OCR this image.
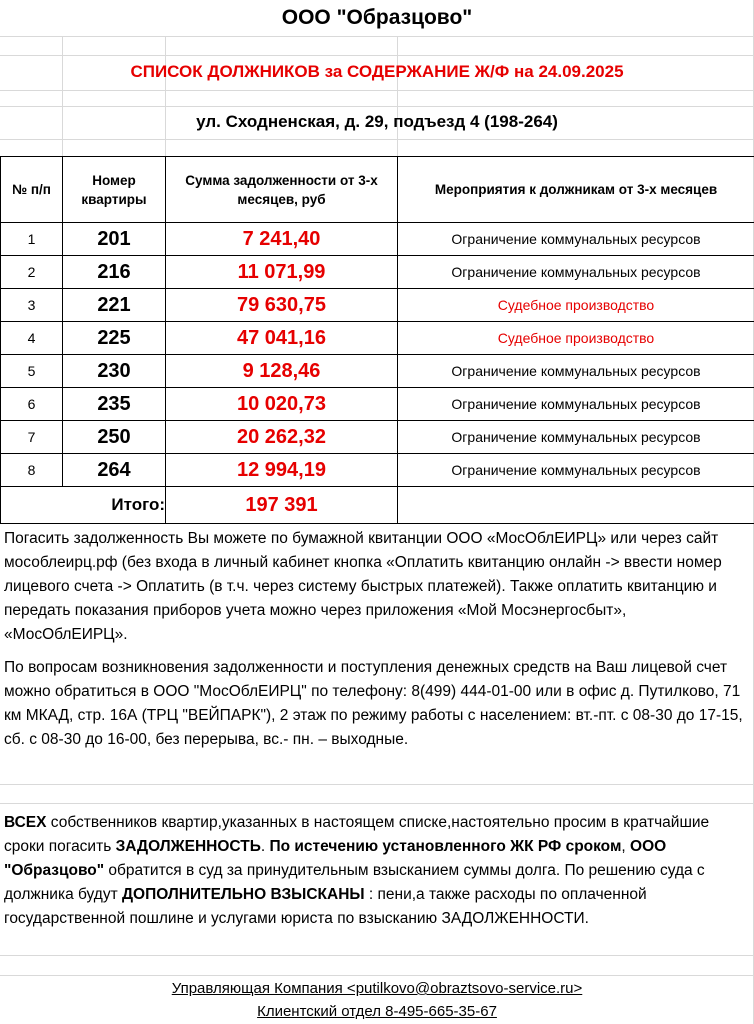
ООО "Образцово"
СПИСОК ДОЛЖНИКОВ за СОДЕРЖАНИЕ Ж/Ф на 24.09.2025
ул. Сходненская, д. 29, подъезд 4 (198-264)
№ п/п	Номер квартиры	Сумма задолженности от 3-х месяцев, руб	Мероприятия к должникам от 3-х месяцев
1	201	7 241,40	Ограничение коммунальных ресурсов
2	216	11 071,99	Ограничение коммунальных ресурсов
3	221	79 630,75	Судебное производство
4	225	47 041,16	Судебное производство
5	230	9 128,46	Ограничение коммунальных ресурсов
6	235	10 020,73	Ограничение коммунальных ресурсов
7	250	20 262,32	Ограничение коммунальных ресурсов
8	264	12 994,19	Ограничение коммунальных ресурсов
Итого:		197 391	

Погасить задолженность Вы можете по бумажной квитанции ООО «МосОблЕИРЦ» или через сайт мособлеирц.рф (без входа в личный кабинет кнопка «Оплатить квитанцию онлайн -> ввести номер лицевого счета -> Оплатить (в т.ч. через систему быстрых платежей). Также оплатить квитанцию и передать показания приборов учета можно через приложения «Мой Мосэнергосбыт», «МосОблЕИРЦ».

По вопросам возникновения задолженности и поступления денежных средств на Ваш лицевой счет можно обратиться в ООО "МосОблЕИРЦ" по телефону: 8(499) 444-01-00 или в офис д. Путилково, 71 км МКАД, стр. 16А (ТРЦ "ВЕЙПАРК"), 2 этаж по режиму работы с населением: вт.-пт. с 08-30 до 17-15, сб. с 08-30 до 16-00, без перерыва, вс.- пн. – выходные.

ВСЕХ собственников квартир,указанных в настоящем списке,настоятельно просим в кратчайшие сроки погасить ЗАДОЛЖЕННОСТЬ. По истечению установленного ЖК РФ сроком, ООО "Образцово" обратится в суд за принудительным взысканием суммы долга. По решению суда с должника будут ДОПОЛНИТЕЛЬНО ВЗЫСКАНЫ : пени,а также расходы по оплаченной государственной пошлине и услугами юриста по взысканию ЗАДОЛЖЕННОСТИ.

Управляющая Компания <putilkovo@obraztsovo-service.ru>
Клиентский отдел 8-495-665-35-67
